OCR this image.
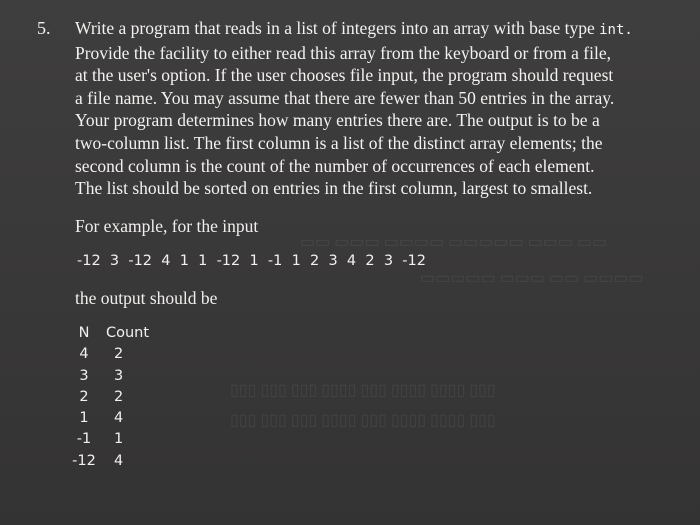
▭▭ ▭▭▭ ▭▭▭▭▭ ▭▭▭▭ ▭▭▭ ▭▭
▭▭▭▭ ▭▭ ▭▭▭ ▭▭▭▭▭
▯▯▯ ▯▯▯▯ ▯▯▯▯ ▯▯▯ ▯▯▯▯ ▯▯▯ ▯▯▯ ▯▯▯
▯▯▯ ▯▯▯▯ ▯▯▯▯ ▯▯▯ ▯▯▯▯ ▯▯▯ ▯▯▯ ▯▯▯
5. Write a program that reads in a list of integers into an array with base type int.
Provide the facility to either read this array from the keyboard or from a file,
at the user's option. If the user chooses file input, the program should request
a file name. You may assume that there are fewer than 50 entries in the array.
Your program determines how many entries there are. The output is to be a
two-column list. The first column is a list of the distinct array elements; the
second column is the count of the number of occurrences of each element.
The list should be sorted on entries in the first column, largest to smallest.

For example, for the input

-12  3  -12  4  1  1  -12  1  -1  1  2  3  4  2  3  -12

the output should be

N	Count
4	2
3	3
2	2
1	4
-1	1
-12	4
